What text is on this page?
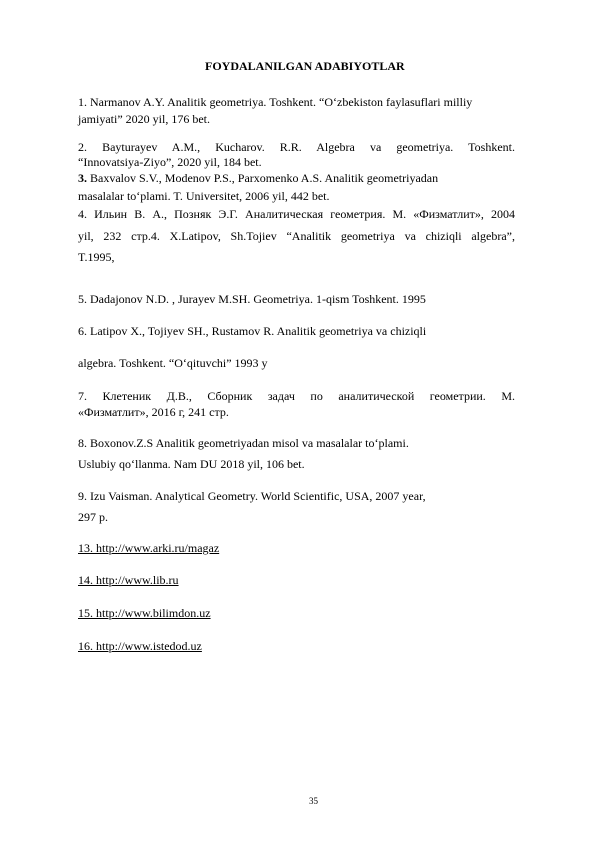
FOYDALANILGAN ADABIYOTLAR
1. Narmanov A.Y. Analitik geometriya. Toshkent. “O‘zbekiston faylasuflari milliy
jamiyati” 2020 yil, 176 bet.
2. Bayturayev A.M., Kucharov. R.R. Algebra va geometriya. Toshkent.
“Innovatsiya-Ziyo”, 2020 yil, 184 bet.
3. Baxvalov S.V., Modenov P.S., Parxomenko A.S. Analitik geometriyadan
masalalar to‘plami. T. Universitet, 2006 yil, 442 bet.
4. Ильин В. А., Позняк Э.Г. Аналитическая геометрия. М. «Физматлит», 2004
yil, 232 стр.4. X.Latipov, Sh.Tojiev “Analitik geometriya va chiziqli algebra”,
T.1995,
5. Dadajonov N.D. , Jurayev M.SH. Geometriya. 1-qism Toshkent. 1995
6. Latipov X., Tojiyev SH., Rustamov R. Analitik geometriya va chiziqli
algebra. Toshkent. “O‘qituvchi” 1993 y
7. Клетеник Д.В., Сборник задач по аналитической геометрии. М.
«Физматлит», 2016 г, 241 стр.
8. Boxonov.Z.S Analitik geometriyadan misol va masalalar to‘plami.
Uslubiy qo‘llanma. Nam DU 2018 yil, 106 bet.
9. Izu Vaisman. Analytical Geometry. World Scientific, USA, 2007 year,
297 p.
13. http://www.arki.ru/magaz
14. http://www.lib.ru
15. http://www.bilimdon.uz
16. http://www.istedod.uz
35
